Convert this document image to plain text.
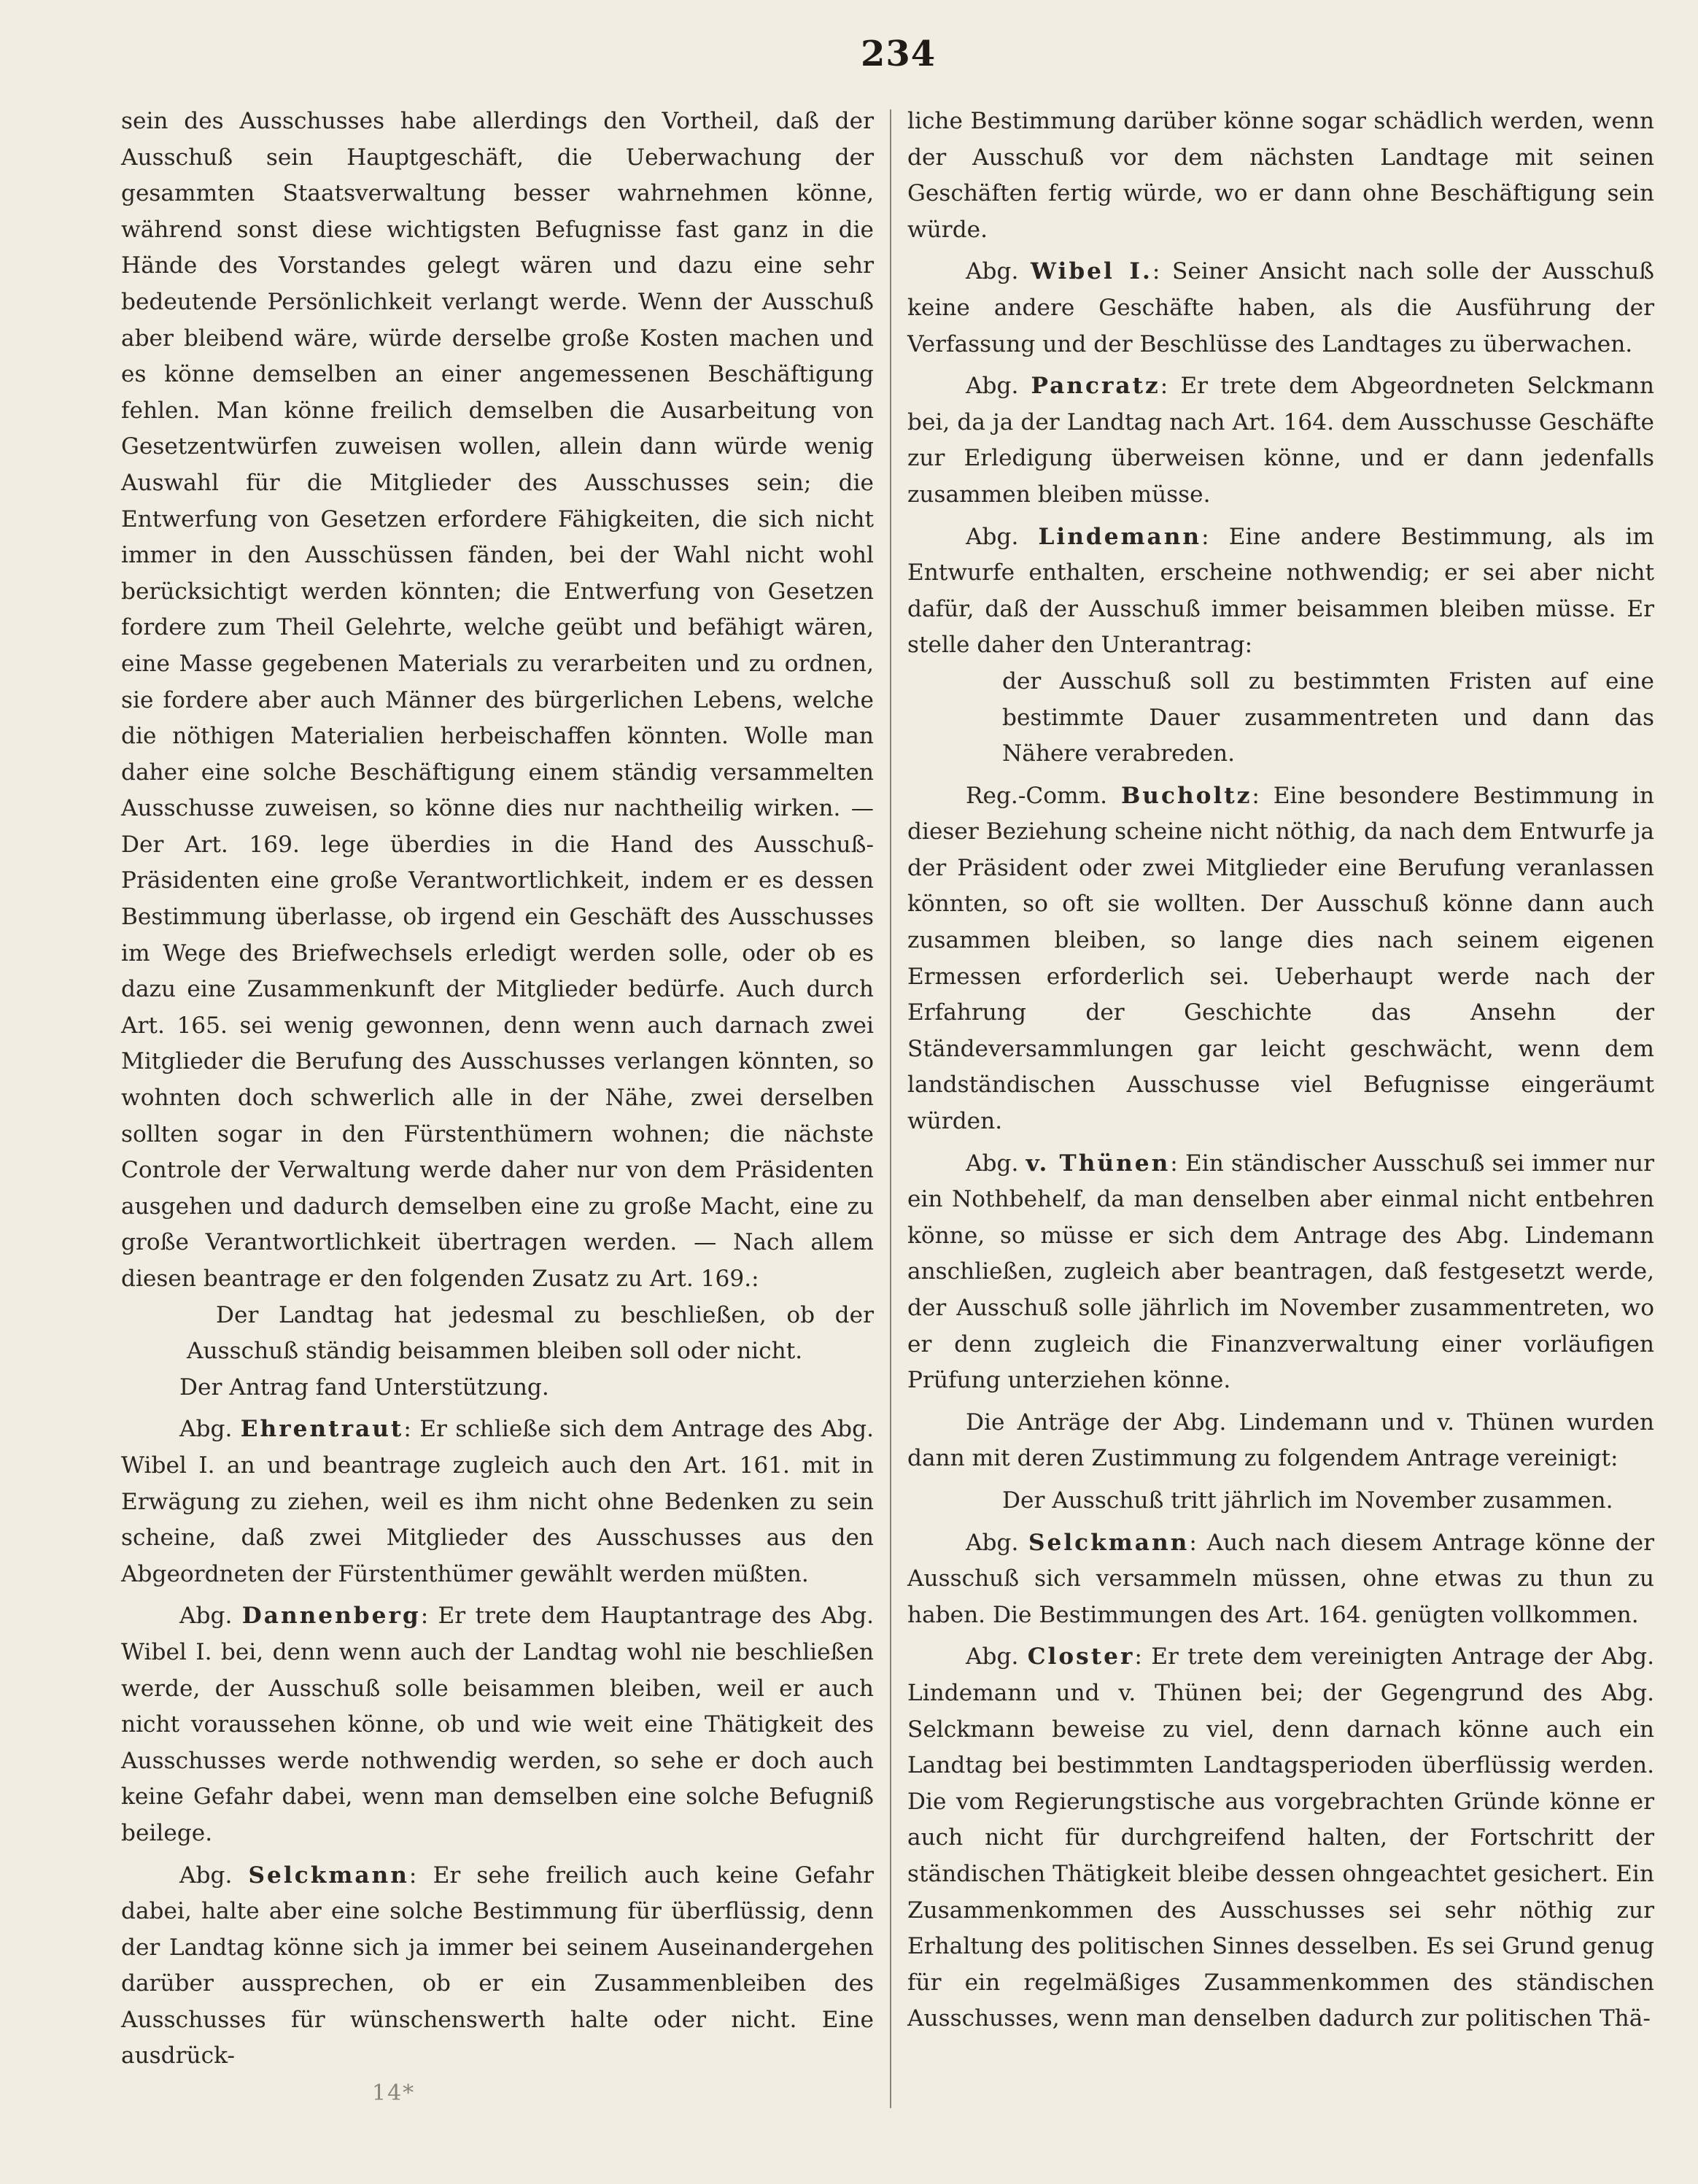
234

sein des Ausschusses habe allerdings den Vortheil, daß der Ausschuß sein Hauptgeschäft, die Ueberwachung der gesammten Staatsverwaltung besser wahrnehmen könne, während sonst diese wichtigsten Befugnisse fast ganz in die Hände des Vorstandes gelegt wären und dazu eine sehr bedeutende Persönlichkeit verlangt werde. Wenn der Ausschuß aber bleibend wäre, würde derselbe große Kosten machen und es könne demselben an einer angemessenen Beschäftigung fehlen. Man könne freilich demselben die Ausarbeitung von Gesetzentwürfen zuweisen wollen, allein dann würde wenig Auswahl für die Mitglieder des Ausschusses sein; die Entwerfung von Gesetzen erfordere Fähigkeiten, die sich nicht immer in den Ausschüssen fänden, bei der Wahl nicht wohl berücksichtigt werden könnten; die Entwerfung von Gesetzen fordere zum Theil Gelehrte, welche geübt und befähigt wären, eine Masse gegebenen Materials zu verarbeiten und zu ordnen, sie fordere aber auch Männer des bürgerlichen Lebens, welche die nöthigen Materialien herbeischaffen könnten. Wolle man daher eine solche Beschäftigung einem ständig versammelten Ausschusse zuweisen, so könne dies nur nachtheilig wirken. — Der Art. 169. lege überdies in die Hand des Ausschuß-Präsidenten eine große Verantwortlichkeit, indem er es dessen Bestimmung überlasse, ob irgend ein Geschäft des Ausschusses im Wege des Briefwechsels erledigt werden solle, oder ob es dazu eine Zusammenkunft der Mitglieder bedürfe. Auch durch Art. 165. sei wenig gewonnen, denn wenn auch darnach zwei Mitglieder die Berufung des Ausschusses verlangen könnten, so wohnten doch schwerlich alle in der Nähe, zwei derselben sollten sogar in den Fürstenthümern wohnen; die nächste Controle der Verwaltung werde daher nur von dem Präsidenten ausgehen und dadurch demselben eine zu große Macht, eine zu große Verantwortlichkeit übertragen werden. — Nach allem diesen beantrage er den folgenden Zusatz zu Art. 169.:

Der Landtag hat jedesmal zu beschließen, ob der Ausschuß ständig beisammen bleiben soll oder nicht.

Der Antrag fand Unterstützung.

Abg. Ehrentraut: Er schließe sich dem Antrage des Abg. Wibel I. an und beantrage zugleich auch den Art. 161. mit in Erwägung zu ziehen, weil es ihm nicht ohne Bedenken zu sein scheine, daß zwei Mitglieder des Ausschusses aus den Abgeordneten der Fürstenthümer gewählt werden müßten.

Abg. Dannenberg: Er trete dem Hauptantrage des Abg. Wibel I. bei, denn wenn auch der Landtag wohl nie beschließen werde, der Ausschuß solle beisammen bleiben, weil er auch nicht voraussehen könne, ob und wie weit eine Thätigkeit des Ausschusses werde nothwendig werden, so sehe er doch auch keine Gefahr dabei, wenn man demselben eine solche Befugniß beilege.

Abg. Selckmann: Er sehe freilich auch keine Gefahr dabei, halte aber eine solche Bestimmung für überflüssig, denn der Landtag könne sich ja immer bei seinem Auseinandergehen darüber aussprechen, ob er ein Zusammenbleiben des Ausschusses für wünschenswerth halte oder nicht. Eine ausdrück-

liche Bestimmung darüber könne sogar schädlich werden, wenn der Ausschuß vor dem nächsten Landtage mit seinen Geschäften fertig würde, wo er dann ohne Beschäftigung sein würde.

Abg. Wibel I.: Seiner Ansicht nach solle der Ausschuß keine andere Geschäfte haben, als die Ausführung der Verfassung und der Beschlüsse des Landtages zu überwachen.

Abg. Pancratz: Er trete dem Abgeordneten Selckmann bei, da ja der Landtag nach Art. 164. dem Ausschusse Geschäfte zur Erledigung überweisen könne, und er dann jedenfalls zusammen bleiben müsse.

Abg. Lindemann: Eine andere Bestimmung, als im Entwurfe enthalten, erscheine nothwendig; er sei aber nicht dafür, daß der Ausschuß immer beisammen bleiben müsse. Er stelle daher den Unterantrag:

der Ausschuß soll zu bestimmten Fristen auf eine bestimmte Dauer zusammentreten und dann das Nähere verabreden.

Reg.-Comm. Bucholtz: Eine besondere Bestimmung in dieser Beziehung scheine nicht nöthig, da nach dem Entwurfe ja der Präsident oder zwei Mitglieder eine Berufung veranlassen könnten, so oft sie wollten. Der Ausschuß könne dann auch zusammen bleiben, so lange dies nach seinem eigenen Ermessen erforderlich sei. Ueberhaupt werde nach der Erfahrung der Geschichte das Ansehn der Ständeversammlungen gar leicht geschwächt, wenn dem landständischen Ausschusse viel Befugnisse eingeräumt würden.

Abg. v. Thünen: Ein ständischer Ausschuß sei immer nur ein Nothbehelf, da man denselben aber einmal nicht entbehren könne, so müsse er sich dem Antrage des Abg. Lindemann anschließen, zugleich aber beantragen, daß festgesetzt werde, der Ausschuß solle jährlich im November zusammentreten, wo er denn zugleich die Finanzverwaltung einer vorläufigen Prüfung unterziehen könne.

Die Anträge der Abg. Lindemann und v. Thünen wurden dann mit deren Zustimmung zu folgendem Antrage vereinigt:

Der Ausschuß tritt jährlich im November zusammen.

Abg. Selckmann: Auch nach diesem Antrage könne der Ausschuß sich versammeln müssen, ohne etwas zu thun zu haben. Die Bestimmungen des Art. 164. genügten vollkommen.

Abg. Closter: Er trete dem vereinigten Antrage der Abg. Lindemann und v. Thünen bei; der Gegengrund des Abg. Selckmann beweise zu viel, denn darnach könne auch ein Landtag bei bestimmten Landtagsperioden überflüssig werden. Die vom Regierungstische aus vorgebrachten Gründe könne er auch nicht für durchgreifend halten, der Fortschritt der ständischen Thätigkeit bleibe dessen ohngeachtet gesichert. Ein Zusammenkommen des Ausschusses sei sehr nöthig zur Erhaltung des politischen Sinnes desselben. Es sei Grund genug für ein regelmäßiges Zusammenkommen des ständischen Ausschusses, wenn man denselben dadurch zur politischen Thä-

14*
